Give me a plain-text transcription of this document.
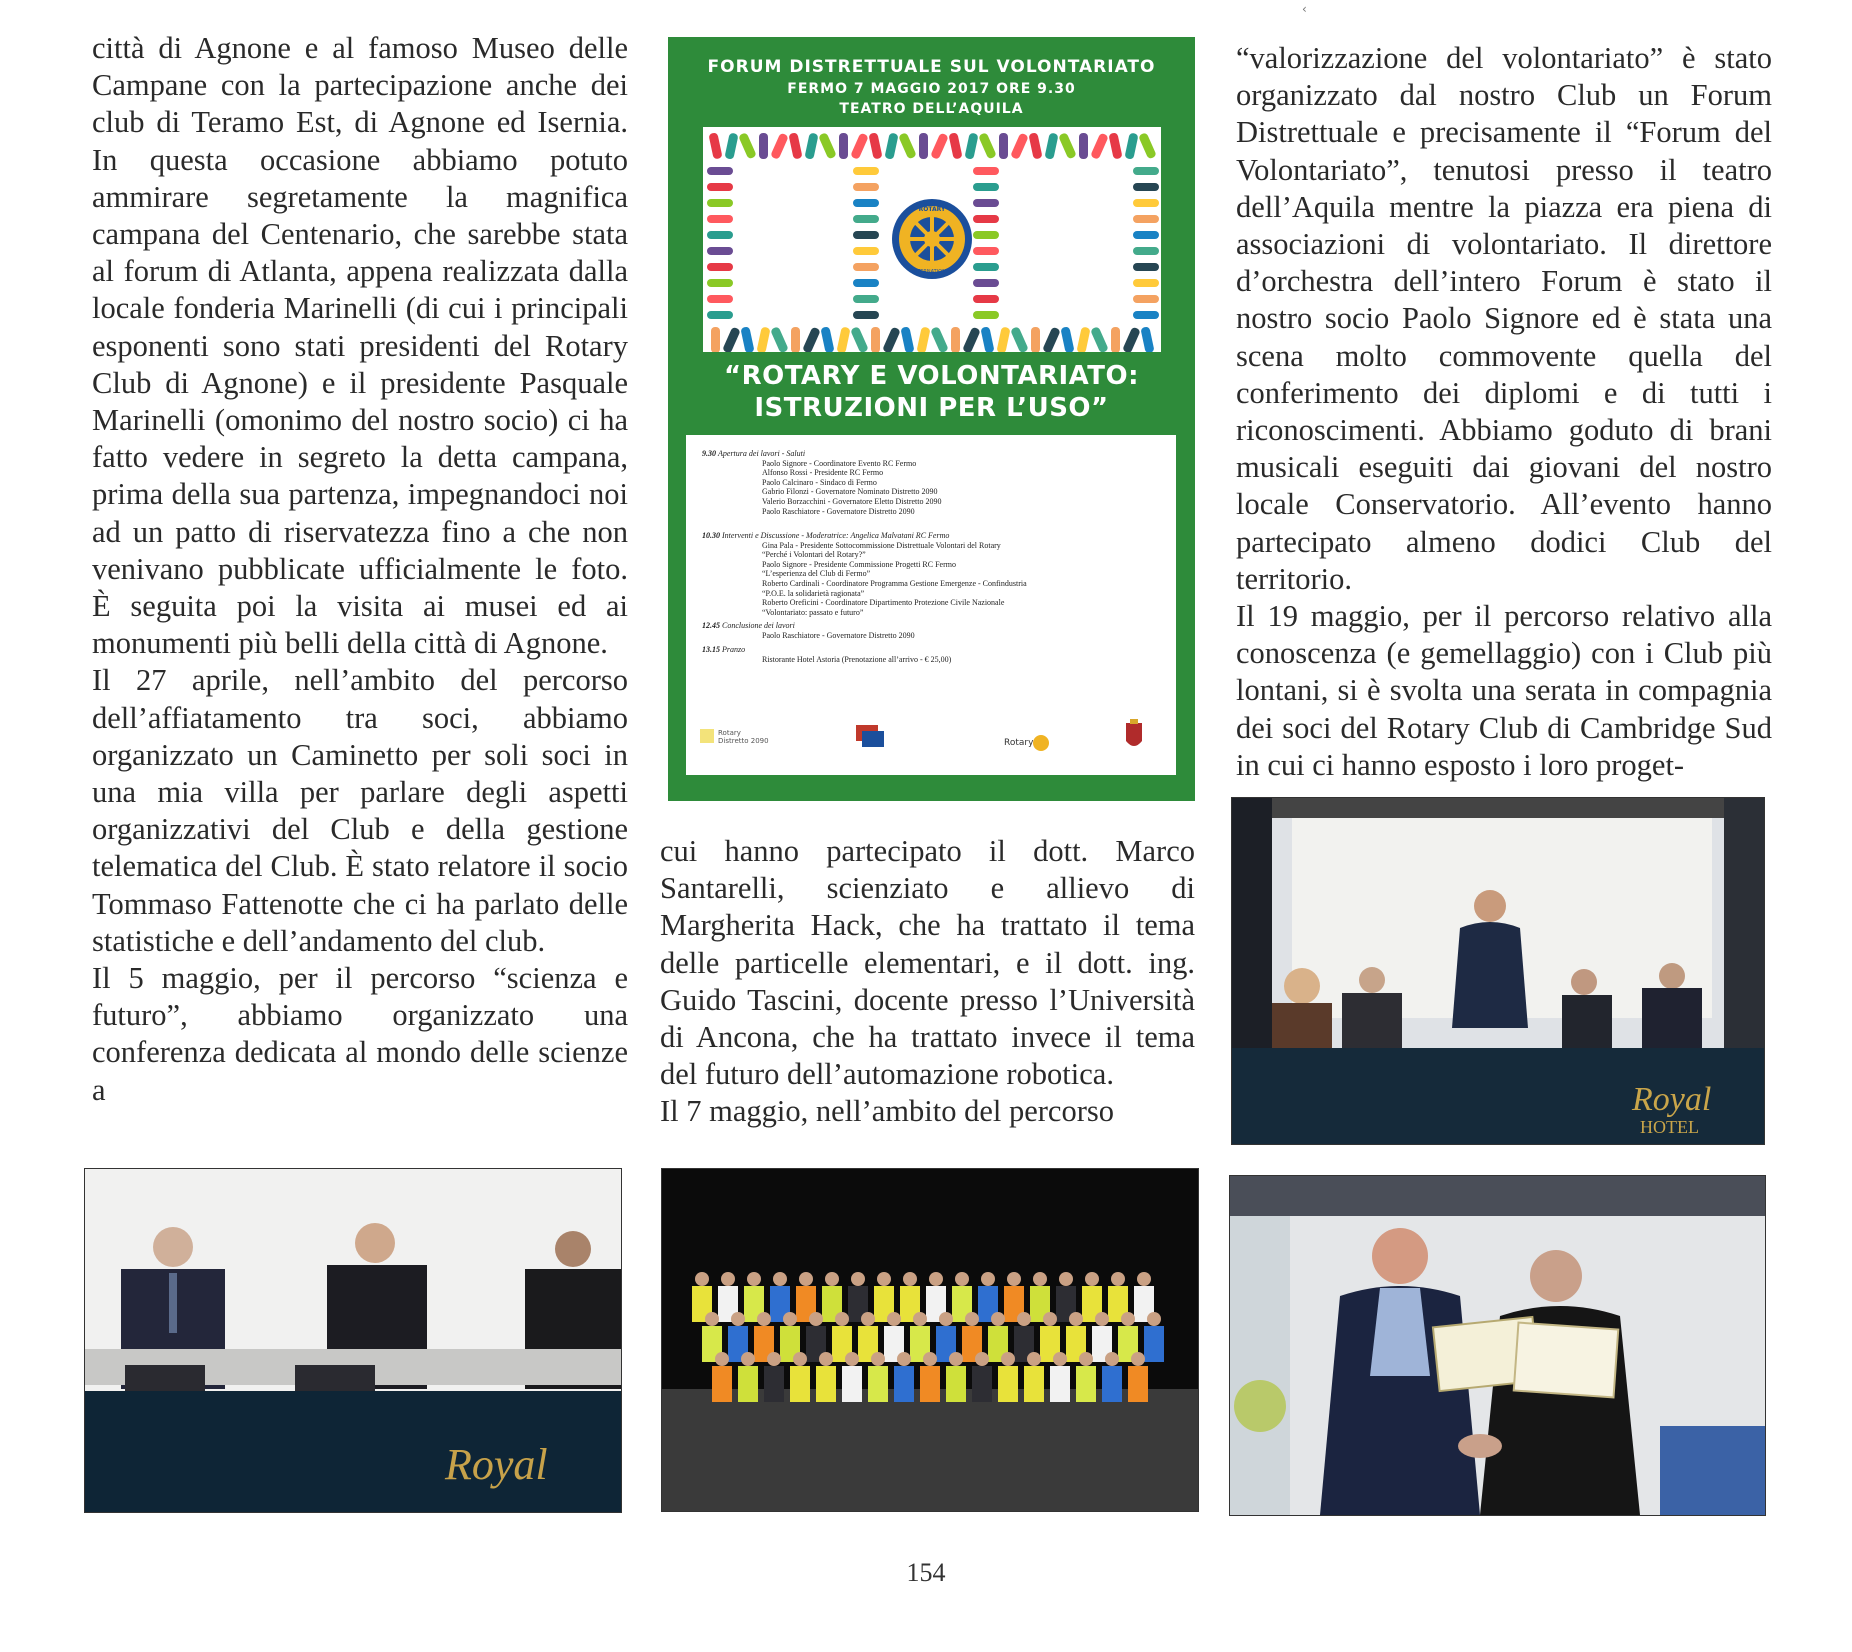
città di Agnone e al famoso Museo delle Campane con la partecipazione anche dei club di Teramo Est, di Agnone ed Isernia. In questa occasione abbiamo potuto ammirare segretamente la magnifica campana del Centenario, che sarebbe stata al forum di Atlanta, appena realizzata dalla locale fonderia Marinelli (di cui i principali esponenti sono stati presidenti del Rotary Club di Agnone) e il presidente Pasquale Marinelli (omonimo del nostro socio) ci ha fatto vedere in segreto la detta campana, prima della sua partenza, impegnandoci noi ad un patto di riservatezza fino a che non venivano pubblicate ufficialmente le foto. È seguita poi la visita ai musei ed ai monumenti più belli della città di Agnone.

Il 27 aprile, nell’ambito del percorso dell’affiatamento tra soci, abbiamo organizzato un Caminetto per soli soci in una mia villa per parlare degli aspetti organizzativi del Club e della gestione telematica del Club. È stato relatore il socio Tommaso Fattenotte che ci ha parlato delle statistiche e dell’andamento del club.

Il 5 maggio, per il percorso “scienza e futuro”, abbiamo organizzato una conferenza dedicata al mondo delle scienze a

FORUM DISTRETTUALE SUL VOLONTARIATO
FERMO 7 MAGGIO 2017 ORE 9.30
TEATRO DELL’AQUILA
ROTARY
INTERNATIONAL
“ROTARY E VOLONTARIATO:
ISTRUZIONI PER L’USO”
9.30 Apertura dei lavori - Saluti
Paolo Signore - Coordinatore Evento RC Fermo
Alfonso Rossi - Presidente RC Fermo
Paolo Calcinaro - Sindaco di Fermo
Gabrio Filonzi - Governatore Nominato Distretto 2090
Valerio Borzacchini - Governatore Eletto Distretto 2090
Paolo Raschiatore - Governatore Distretto 2090
10.30 Interventi e Discussione - Moderatrice: Angelica Malvatani RC Fermo
Gina Pala - Presidente Sottocommissione Distrettuale Volontari del Rotary
“Perché i Volontari del Rotary?”
Paolo Signore - Presidente Commissione Progetti RC Fermo
“L’esperienza del Club di Fermo”
Roberto Cardinali - Coordinatore Programma Gestione Emergenze - Confindustria
“P.O.E. la solidarietà ragionata”
Roberto Oreficini - Coordinatore Dipartimento Protezione Civile Nazionale
“Volontariato: passato e futuro”
12.45 Conclusione dei lavori
Paolo Raschiatore - Governatore Distretto 2090
13.15 Pranzo
Ristorante Hotel Astoria (Prenotazione all’arrivo - € 25,00)
Rotary
Distretto 2090	Rotary

cui hanno partecipato il dott. Marco Santarelli, scienziato e allievo di Margherita Hack, che ha trattato il tema delle particelle elementari, e il dott. ing. Guido Tascini, docente presso l’Università di Ancona, che ha trattato invece il tema del futuro dell’automazione robotica.

Il 7 maggio, nell’ambito del percorso

“valorizzazione del volontariato” è stato organizzato dal nostro Club un Forum Distrettuale e precisamente il “Forum del Volontariato”, tenutosi presso il teatro dell’Aquila mentre la piazza era piena di associazioni di volontariato. Il direttore d’orchestra dell’intero Forum è stato il nostro socio Paolo Signore ed è stata una scena molto commovente quella del conferimento dei diplomi e di tutti i riconoscimenti. Abbiamo goduto di brani musicali eseguiti dai giovani del nostro locale Conservatorio. All’evento hanno partecipato almeno dodici Club del territorio.

Il 19 maggio, per il percorso relativo alla conoscenza (e gemellaggio) con i Club più lontani, si è svolta una serata in compagnia dei soci del Rotary Club di Cambridge Sud in cui ci hanno esposto i loro proget-

Royal
HOTEL
Royal
154
‹
